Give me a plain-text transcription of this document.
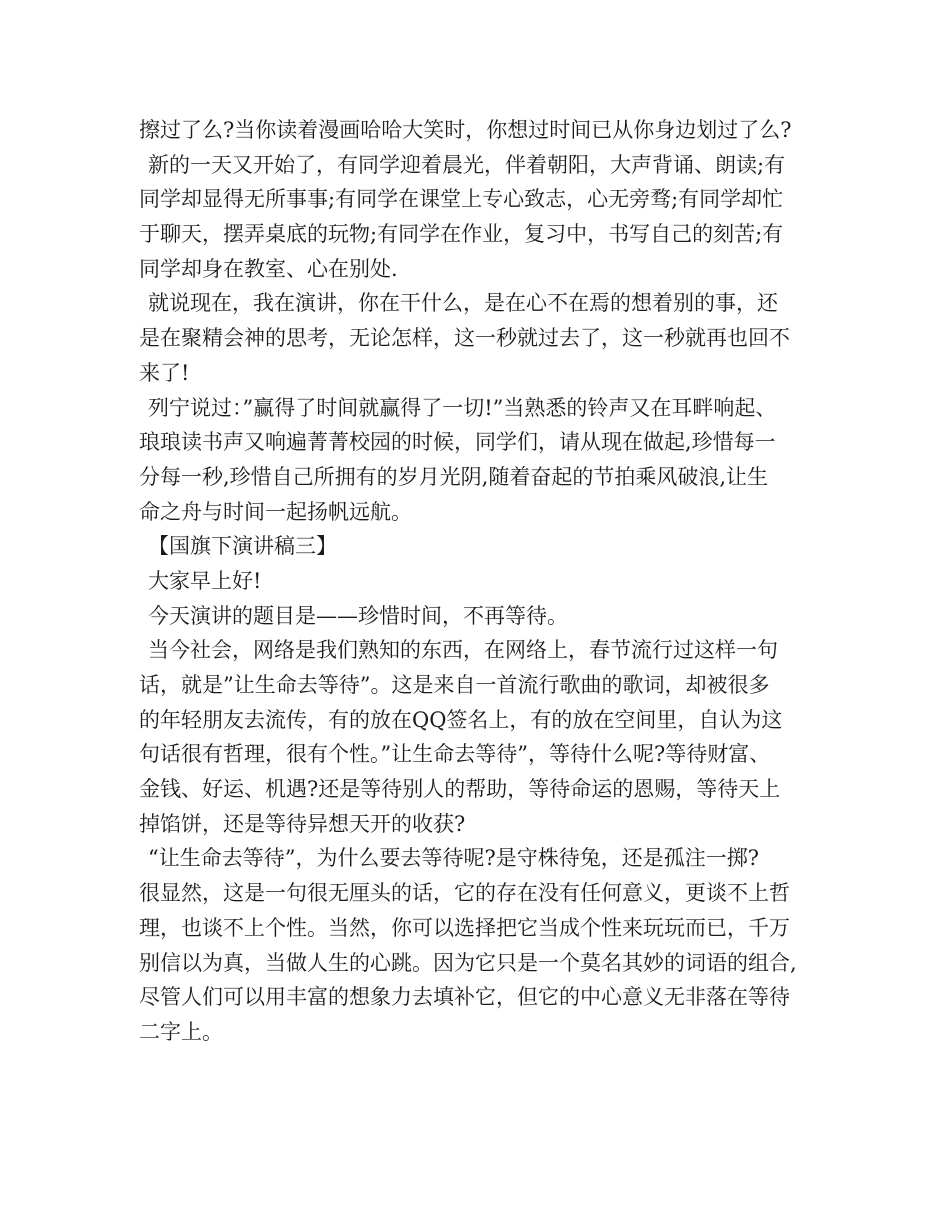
擦过了么?当你读着漫画哈哈大笑时，你想过时间已从你身边划过了么?
新的一天又开始了，有同学迎着晨光，伴着朝阳，大声背诵、朗读;有
同学却显得无所事事;有同学在课堂上专心致志，心无旁骛;有同学却忙
于聊天，摆弄桌底的玩物;有同学在作业，复习中，书写自己的刻苦;有
同学却身在教室、心在别处.
就说现在，我在演讲，你在干什么，是在心不在焉的想着别的事，还
是在聚精会神的思考，无论怎样，这一秒就过去了，这一秒就再也回不
来了!
列宁说过：”赢得了时间就赢得了一切!”当熟悉的铃声又在耳畔响起、
琅琅读书声又响遍菁菁校园的时候，同学们，请从现在做起,珍惜每一
分每一秒,珍惜自己所拥有的岁月光阴,随着奋起的节拍乘风破浪,让生
命之舟与时间一起扬帆远航。
【国旗下演讲稿三】
大家早上好!
今天演讲的题目是——珍惜时间，不再等待。
当今社会，网络是我们熟知的东西，在网络上，春节流行过这样一句
话，就是”让生命去等待”。这是来自一首流行歌曲的歌词，却被很多
的年轻朋友去流传，有的放在QQ签名上，有的放在空间里，自认为这
句话很有哲理，很有个性。”让生命去等待”，等待什么呢?等待财富、
金钱、好运、机遇?还是等待别人的帮助，等待命运的恩赐，等待天上
掉馅饼，还是等待异想天开的收获?
“让生命去等待”，为什么要去等待呢?是守株待兔，还是孤注一掷?
很显然，这是一句很无厘头的话，它的存在没有任何意义，更谈不上哲
理，也谈不上个性。当然，你可以选择把它当成个性来玩玩而已，千万
别信以为真，当做人生的心跳。因为它只是一个莫名其妙的词语的组合,
尽管人们可以用丰富的想象力去填补它，但它的中心意义无非落在等待
二字上。
